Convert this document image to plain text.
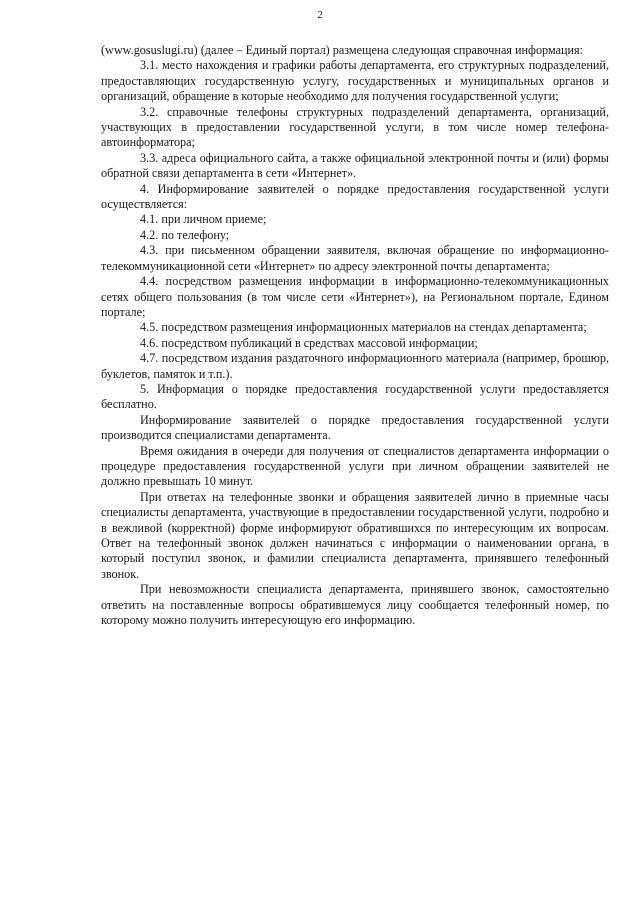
2

(www.gosuslugi.ru) (далее – Единый портал) размещена следующая справочная информация:

3.1. место нахождения и графики работы департамента, его структурных подразделений, предоставляющих государственную услугу, государственных и муниципальных органов и организаций, обращение в которые необходимо для получения государственной услуги;

3.2. справочные телефоны структурных подразделений департамента, организаций, участвующих в предоставлении государственной услуги, в том числе номер телефона-автоинформатора;

3.3. адреса официального сайта, а также официальной электронной почты и (или) формы обратной связи департамента в сети «Интернет».

4. Информирование заявителей о порядке предоставления государственной услуги осуществляется:

4.1. при личном приеме;

4.2. по телефону;

4.3. при письменном обращении заявителя, включая обращение по информационно-телекоммуникационной сети «Интернет» по адресу электронной почты департамента;

4.4. посредством размещения информации в информационно-телекоммуникационных сетях общего пользования (в том числе сети «Интернет»), на Региональном портале, Едином портале;

4.5. посредством размещения информационных материалов на стендах департамента;

4.6. посредством публикаций в средствах массовой информации;

4.7. посредством издания раздаточного информационного материала (например, брошюр, буклетов, памяток и т.п.).

5. Информация о порядке предоставления государственной услуги предоставляется бесплатно.

Информирование заявителей о порядке предоставления государственной услуги производится специалистами департамента.

Время ожидания в очереди для получения от специалистов департамента информации о процедуре предоставления государственной услуги при личном обращении заявителей не должно превышать 10 минут.

При ответах на телефонные звонки и обращения заявителей лично в приемные часы специалисты департамента, участвующие в предоставлении государственной услуги, подробно и в вежливой (корректной) форме информируют обратившихся по интересующим их вопросам. Ответ на телефонный звонок должен начинаться с информации о наименовании органа, в который поступил звонок, и фамилии специалиста департамента, принявшего телефонный звонок.

При невозможности специалиста департамента, принявшего звонок, самостоятельно ответить на поставленные вопросы обратившемуся лицу сообщается телефонный номер, по которому можно получить интересующую его информацию.
